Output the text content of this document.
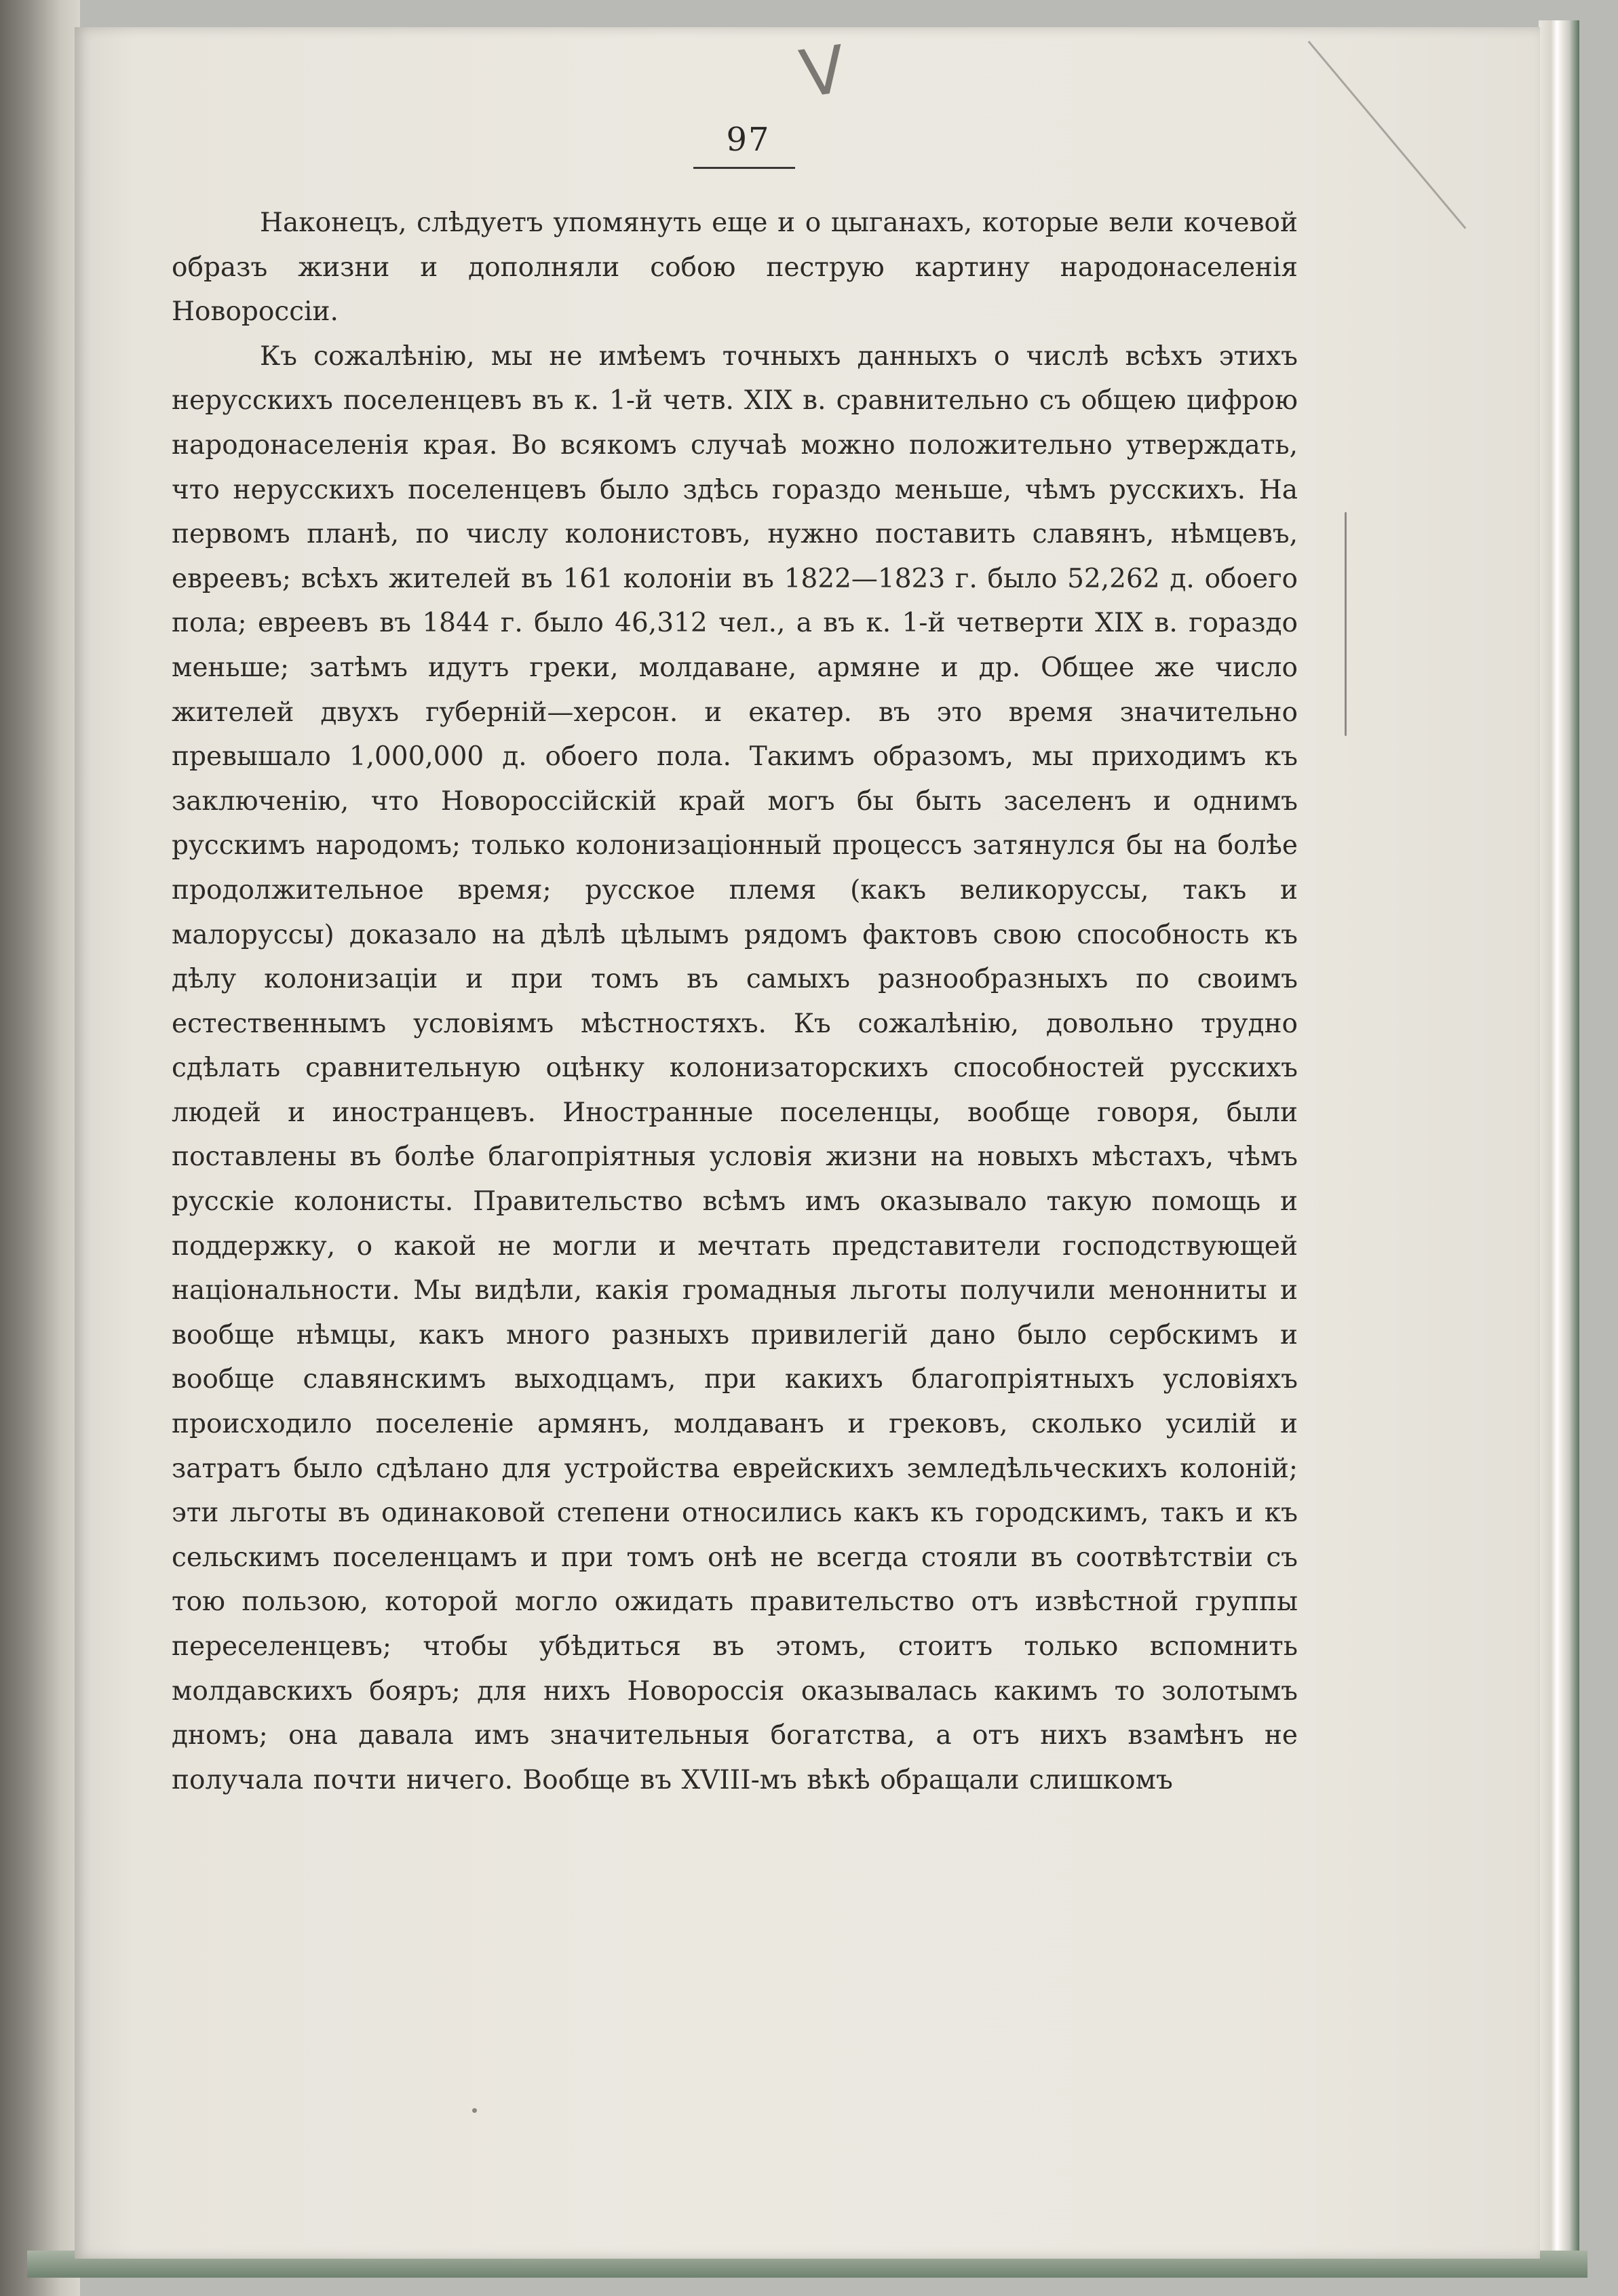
V
97

Наконецъ, слѣдуетъ упомянуть еще и о цыганахъ, которые вели кочевой образъ жизни и дополняли собою пеструю картину народонаселенія Новороссіи.

Къ сожалѣнію, мы не имѣемъ точныхъ данныхъ о числѣ всѣхъ этихъ нерусскихъ поселенцевъ въ к. 1-й четв. XIX в. сравнительно съ общею цифрою народонаселенія края. Во всякомъ случаѣ можно положительно утверждать, что нерусскихъ поселенцевъ было здѣсь гораздо меньше, чѣмъ русскихъ. На первомъ планѣ, по числу колонистовъ, нужно поставить славянъ, нѣмцевъ, евреевъ; всѣхъ жителей въ 161 колоніи въ 1822—1823 г. было 52,262 д. обоего пола; евреевъ въ 1844 г. было 46,312 чел., а въ к. 1-й четверти XIX в. гораздо меньше; затѣмъ идутъ греки, молдаване, армяне и др. Общее же число жителей двухъ губерній—херсон. и екатер. въ это время значительно превышало 1,000,000 д. обоего пола. Такимъ образомъ, мы приходимъ къ заключенію, что Новороссійскій край могъ бы быть заселенъ и однимъ русскимъ народомъ; только колонизаціонный процессъ затянулся бы на болѣе продолжительное время; русское племя (какъ великоруссы, такъ и малоруссы) доказало на дѣлѣ цѣлымъ рядомъ фактовъ свою способность къ дѣлу колонизаціи и при томъ въ самыхъ разнообразныхъ по своимъ естественнымъ условіямъ мѣстностяхъ. Къ сожалѣнію, довольно трудно сдѣлать сравнительную оцѣнку колонизаторскихъ способностей русскихъ людей и иностранцевъ. Иностранные поселенцы, вообще говоря, были поставлены въ болѣе благопріятныя условія жизни на новыхъ мѣстахъ, чѣмъ русскіе колонисты. Правительство всѣмъ имъ оказывало такую помощь и поддержку, о какой не могли и мечтать представители господствующей національности. Мы видѣли, какія громадныя льготы получили менонниты и вообще нѣмцы, какъ много разныхъ привилегій дано было сербскимъ и вообще славянскимъ выходцамъ, при какихъ благопріятныхъ условіяхъ происходило поселеніе армянъ, молдаванъ и грековъ, сколько усилій и затратъ было сдѣлано для устройства еврейскихъ земледѣльческихъ колоній; эти льготы въ одинаковой степени относились какъ къ городскимъ, такъ и къ сельскимъ поселенцамъ и при томъ онѣ не всегда стояли въ соотвѣтствіи съ тою пользою, которой могло ожидать правительство отъ извѣстной группы переселенцевъ; чтобы убѣдиться въ этомъ, стоитъ только вспомнить молдавскихъ бояръ; для нихъ Новороссія оказывалась какимъ то золотымъ дномъ; она давала имъ значительныя богатства, а отъ нихъ взамѣнъ не получала почти ничего. Вообще въ XVIII-мъ вѣкѣ обращали слишкомъ
